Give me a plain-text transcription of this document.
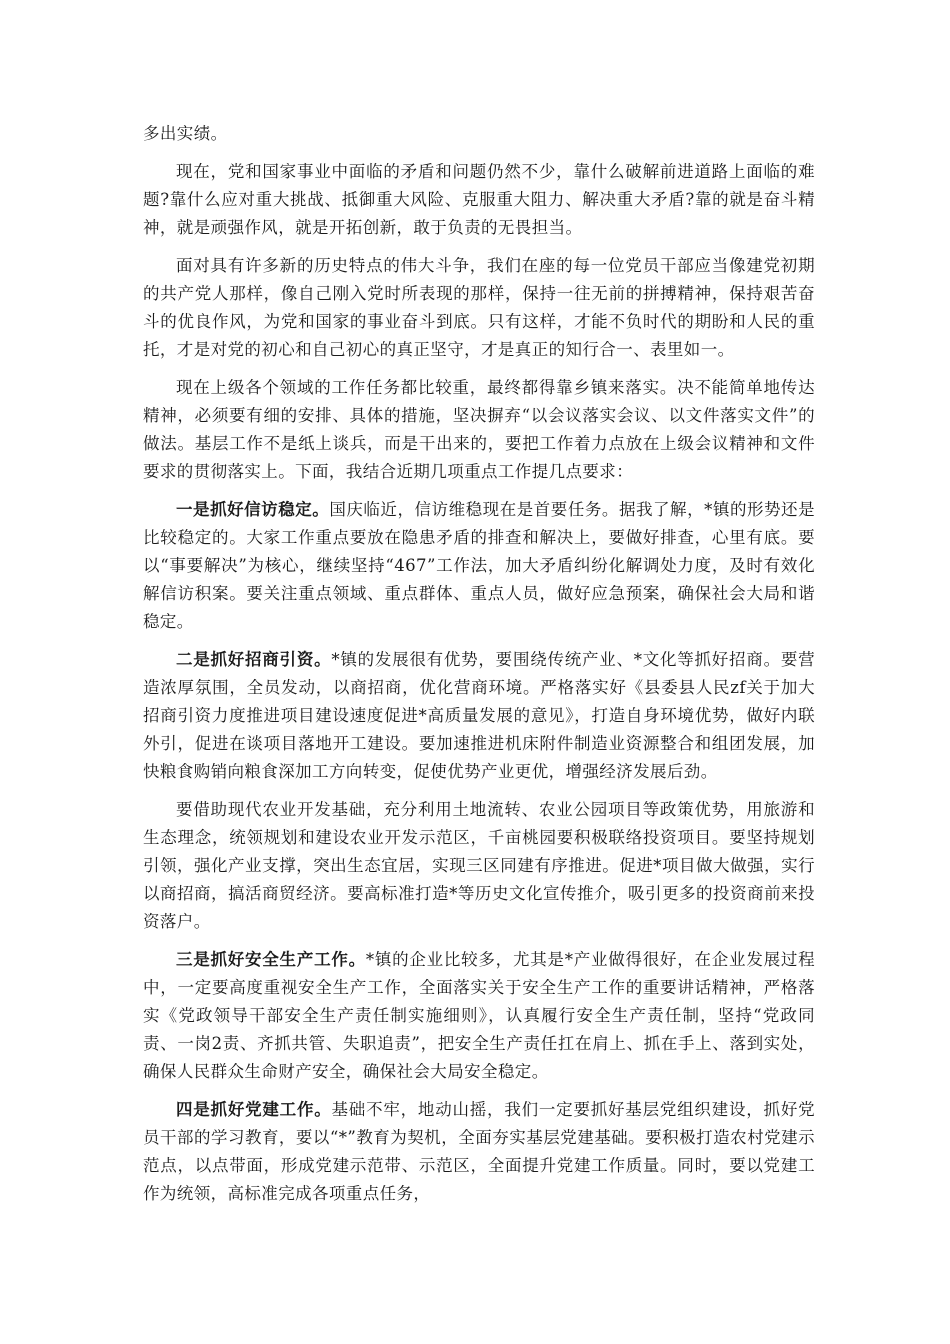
多出实绩。

现在，党和国家事业中面临的矛盾和问题仍然不少，靠什么破解前进道路上面临的难题?靠什么应对重大挑战、抵御重大风险、克服重大阻力、解决重大矛盾?靠的就是奋斗精神，就是顽强作风，就是开拓创新，敢于负责的无畏担当。

面对具有许多新的历史特点的伟大斗争，我们在座的每一位党员干部应当像建党初期的共产党人那样，像自己刚入党时所表现的那样，保持一往无前的拼搏精神，保持艰苦奋斗的优良作风，为党和国家的事业奋斗到底。只有这样，才能不负时代的期盼和人民的重托，才是对党的初心和自己初心的真正坚守，才是真正的知行合一、表里如一。

现在上级各个领域的工作任务都比较重，最终都得靠乡镇来落实。决不能简单地传达精神，必须要有细的安排、具体的措施，坚决摒弃“以会议落实会议、以文件落实文件”的做法。基层工作不是纸上谈兵，而是干出来的，要把工作着力点放在上级会议精神和文件要求的贯彻落实上。下面，我结合近期几项重点工作提几点要求：

一是抓好信访稳定。国庆临近，信访维稳现在是首要任务。据我了解，*镇的形势还是比较稳定的。大家工作重点要放在隐患矛盾的排查和解决上，要做好排查，心里有底。要以“事要解决”为核心，继续坚持“467”工作法，加大矛盾纠纷化解调处力度，及时有效化解信访积案。要关注重点领域、重点群体、重点人员，做好应急预案，确保社会大局和谐稳定。

二是抓好招商引资。*镇的发展很有优势，要围绕传统产业、*文化等抓好招商。要营造浓厚氛围，全员发动，以商招商，优化营商环境。严格落实好《县委县人民zf关于加大招商引资力度推进项目建设速度促进*高质量发展的意见》，打造自身环境优势，做好内联外引，促进在谈项目落地开工建设。要加速推进机床附件制造业资源整合和组团发展，加快粮食购销向粮食深加工方向转变，促使优势产业更优，增强经济发展后劲。

要借助现代农业开发基础，充分利用土地流转、农业公园项目等政策优势，用旅游和生态理念，统领规划和建设农业开发示范区，千亩桃园要积极联络投资项目。要坚持规划引领，强化产业支撑，突出生态宜居，实现三区同建有序推进。促进*项目做大做强，实行以商招商，搞活商贸经济。要高标准打造*等历史文化宣传推介，吸引更多的投资商前来投资落户。

三是抓好安全生产工作。*镇的企业比较多，尤其是*产业做得很好，在企业发展过程中，一定要高度重视安全生产工作，全面落实关于安全生产工作的重要讲话精神，严格落实《党政领导干部安全生产责任制实施细则》，认真履行安全生产责任制，坚持“党政同责、一岗2责、齐抓共管、失职追责”，把安全生产责任扛在肩上、抓在手上、落到实处，确保人民群众生命财产安全，确保社会大局安全稳定。

四是抓好党建工作。基础不牢，地动山摇，我们一定要抓好基层党组织建设，抓好党员干部的学习教育，要以“*”教育为契机，全面夯实基层党建基础。要积极打造农村党建示范点，以点带面，形成党建示范带、示范区，全面提升党建工作质量。同时，要以党建工作为统领，高标准完成各项重点任务，
